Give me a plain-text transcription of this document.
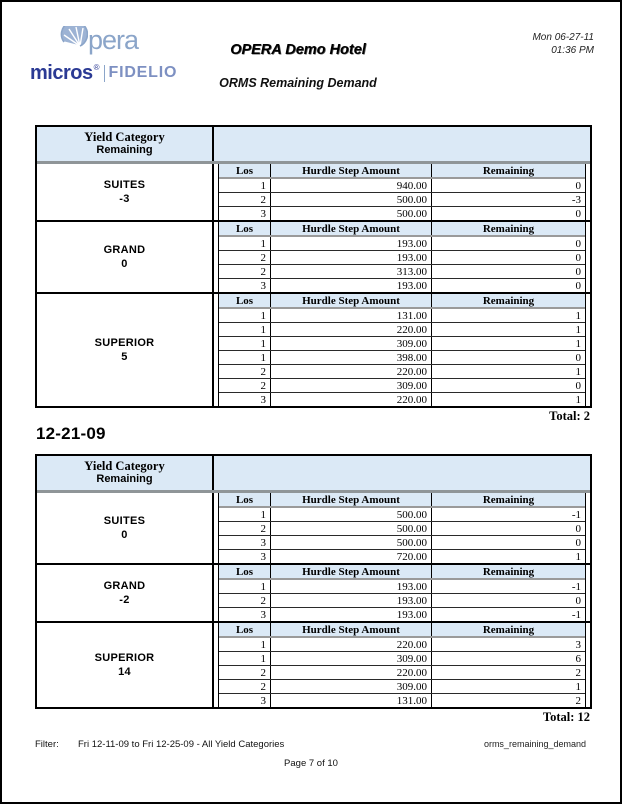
pera
micros ® FIDELIO
OPERA Demo Hotel
ORMS Remaining Demand
Mon 06-27-11
01:36 PM
Yield Category
Remaining
SUITES
-3
Los	Hurdle Step Amount	Remaining
1	940.00	0
2	500.00	-3
3	500.00	0
GRAND
0
Los	Hurdle Step Amount	Remaining
1	193.00	0
2	193.00	0
2	313.00	0
3	193.00	0
SUPERIOR
5
Los	Hurdle Step Amount	Remaining
1	131.00	1
1	220.00	1
1	309.00	1
1	398.00	0
2	220.00	1
2	309.00	0
3	220.00	1
Total: 2
12-21-09
Yield Category
Remaining
SUITES
0
Los	Hurdle Step Amount	Remaining
1	500.00	-1
2	500.00	0
3	500.00	0
3	720.00	1
GRAND
-2
Los	Hurdle Step Amount	Remaining
1	193.00	-1
2	193.00	0
3	193.00	-1
SUPERIOR
14
Los	Hurdle Step Amount	Remaining
1	220.00	3
1	309.00	6
2	220.00	2
2	309.00	1
3	131.00	2
Total: 12
Filter:	Fri 12-11-09 to Fri 12-25-09 - All Yield Categories	orms_remaining_demand
Page 7 of 10
